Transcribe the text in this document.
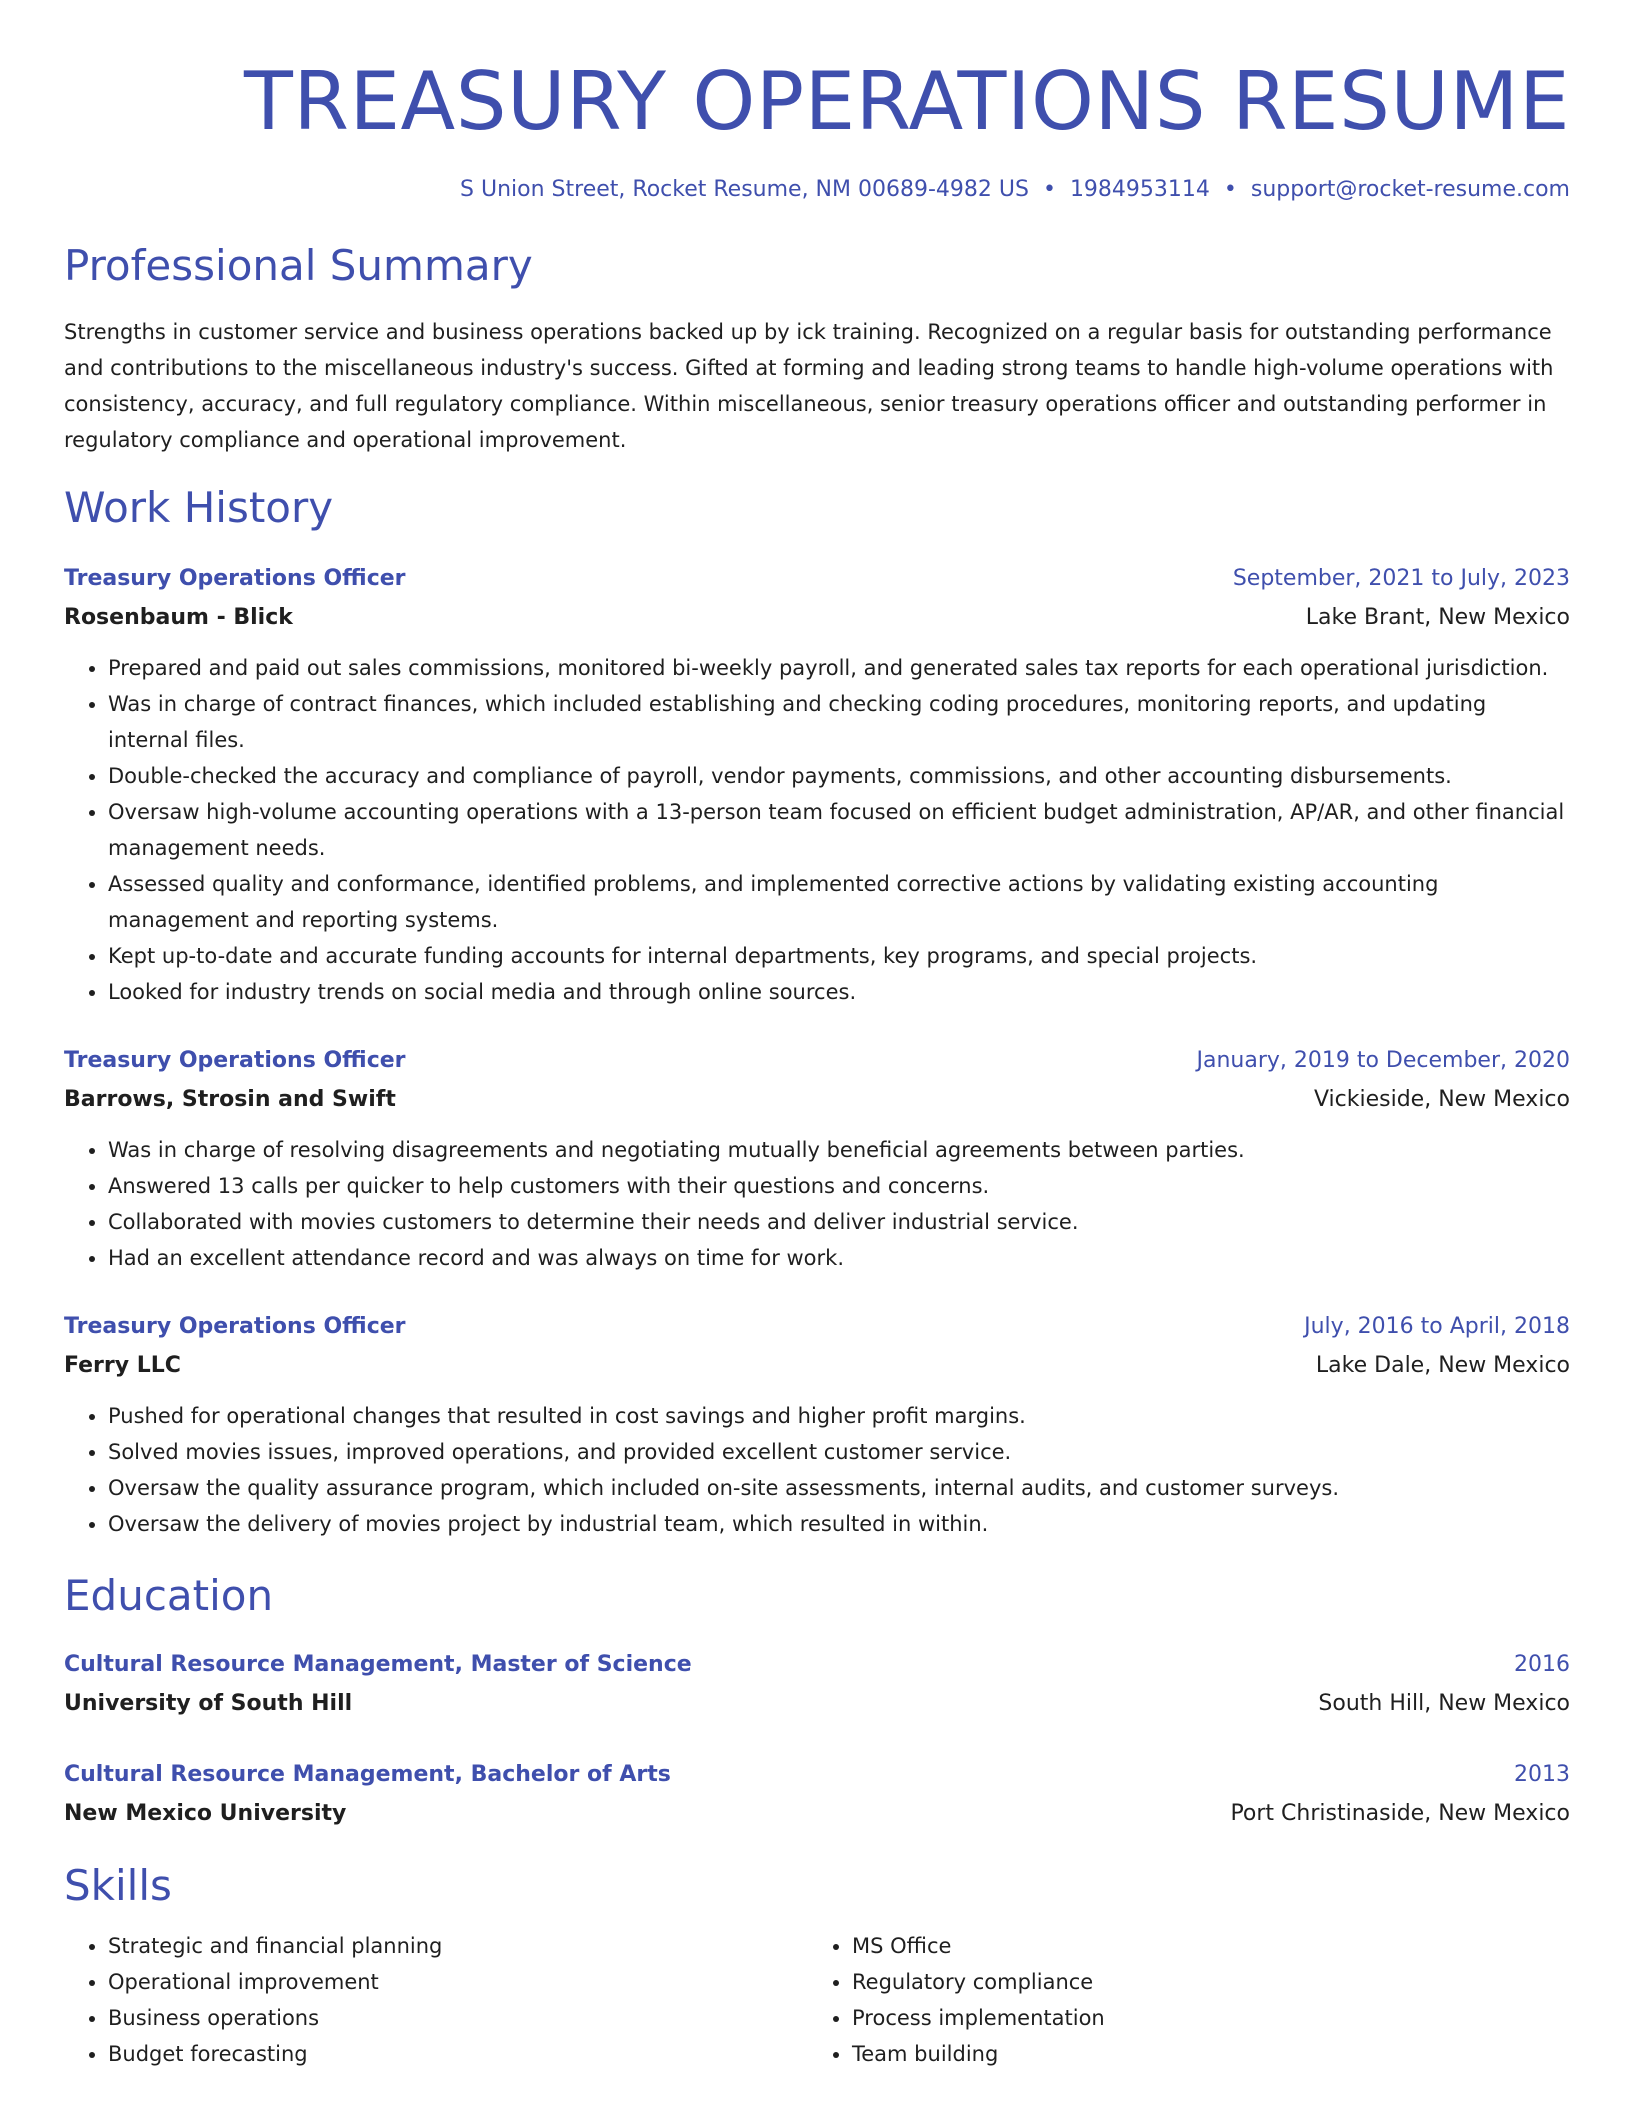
TREASURY OPERATIONS RESUME
S Union Street, Rocket Resume, NM 00689-4982 US • 1984953114 • support@rocket-resume.com
Professional Summary

Strengths in customer service and business operations backed up by ick training. Recognized on a regular basis for outstanding performance and contributions to the miscellaneous industry's success. Gifted at forming and leading strong teams to handle high-volume operations with consistency, accuracy, and full regulatory compliance. Within miscellaneous, senior treasury operations officer and outstanding performer in regulatory compliance and operational improvement.

Work History
Treasury Operations Officer	September, 2021 to July, 2023
Rosenbaum - Blick	Lake Brant, New Mexico
• Prepared and paid out sales commissions, monitored bi-weekly payroll, and generated sales tax reports for each operational jurisdiction.
• Was in charge of contract finances, which included establishing and checking coding procedures, monitoring reports, and updating internal files.
• Double-checked the accuracy and compliance of payroll, vendor payments, commissions, and other accounting disbursements.
• Oversaw high-volume accounting operations with a 13-person team focused on efficient budget administration, AP/AR, and other financial management needs.
• Assessed quality and conformance, identified problems, and implemented corrective actions by validating existing accounting management and reporting systems.
• Kept up-to-date and accurate funding accounts for internal departments, key programs, and special projects.
• Looked for industry trends on social media and through online sources.
Treasury Operations Officer	January, 2019 to December, 2020
Barrows, Strosin and Swift	Vickieside, New Mexico
• Was in charge of resolving disagreements and negotiating mutually beneficial agreements between parties.
• Answered 13 calls per quicker to help customers with their questions and concerns.
• Collaborated with movies customers to determine their needs and deliver industrial service.
• Had an excellent attendance record and was always on time for work.
Treasury Operations Officer	July, 2016 to April, 2018
Ferry LLC	Lake Dale, New Mexico
• Pushed for operational changes that resulted in cost savings and higher profit margins.
• Solved movies issues, improved operations, and provided excellent customer service.
• Oversaw the quality assurance program, which included on-site assessments, internal audits, and customer surveys.
• Oversaw the delivery of movies project by industrial team, which resulted in within.
Education
Cultural Resource Management, Master of Science	2016
University of South Hill	South Hill, New Mexico
Cultural Resource Management, Bachelor of Arts	2013
New Mexico University	Port Christinaside, New Mexico
Skills
• Strategic and financial planning
• Operational improvement
• Business operations
• Budget forecasting
• MS Office
• Regulatory compliance
• Process implementation
• Team building
